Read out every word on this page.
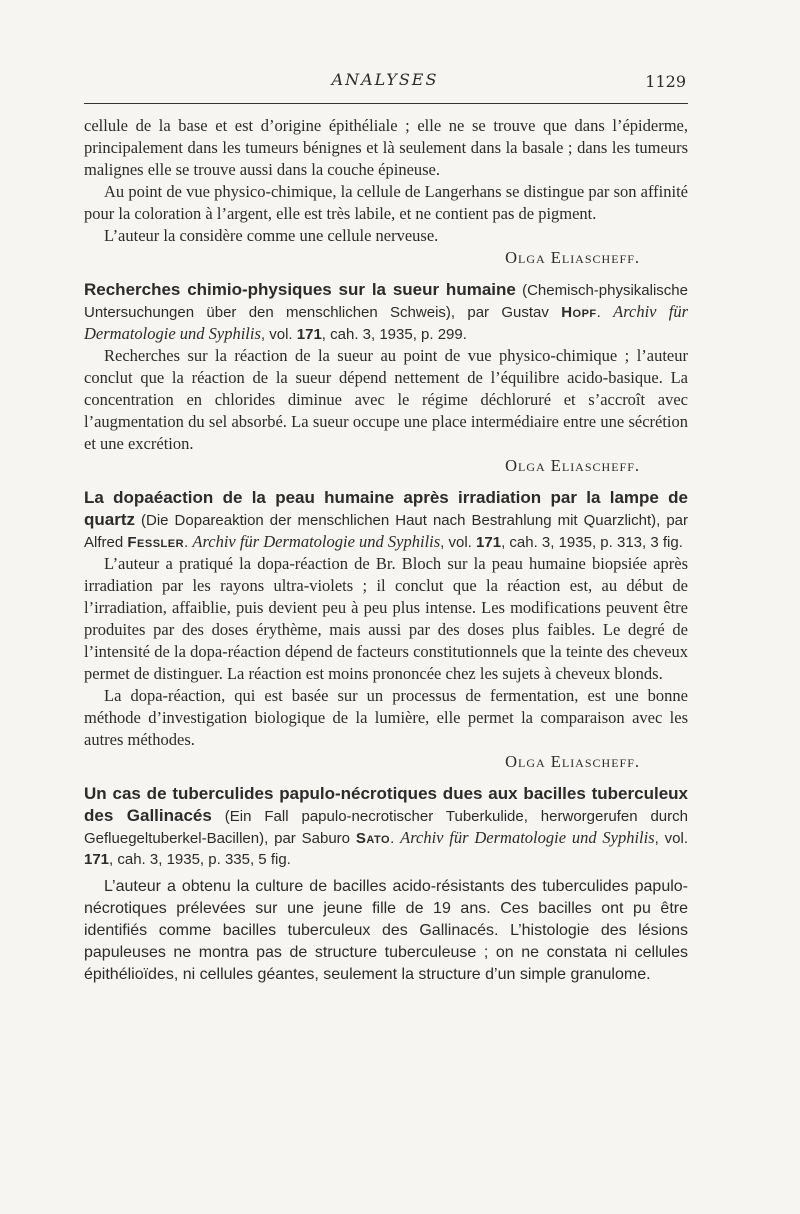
ANALYSES	1129

cellule de la base et est d’origine épithéliale ; elle ne se trouve que dans l’épiderme, principalement dans les tumeurs bénignes et là seulement dans la basale ; dans les tumeurs malignes elle se trouve aussi dans la couche épineuse.

Au point de vue physico-chimique, la cellule de Langerhans se distingue par son affinité pour la coloration à l’argent, elle est très labile, et ne contient pas de pigment.

L’auteur la considère comme une cellule nerveuse.

Olga Eliascheff.

Recherches chimio-physiques sur la sueur humaine (Chemisch-physikalische Untersuchungen über den menschlichen Schweis), par Gustav Hopf. Archiv für Dermatologie und Syphilis, vol. 171, cah. 3, 1935, p. 299.

Recherches sur la réaction de la sueur au point de vue physico-chimique ; l’auteur conclut que la réaction de la sueur dépend nettement de l’équilibre acido-basique. La concentration en chlorides diminue avec le régime déchloruré et s’accroît avec l’augmentation du sel absorbé. La sueur occupe une place intermédiaire entre une sécrétion et une excrétion.

Olga Eliascheff.

La dopaéaction de la peau humaine après irradiation par la lampe de quartz (Die Dopareaktion der menschlichen Haut nach Bestrahlung mit Quarzlicht), par Alfred Fessler. Archiv für Dermatologie und Syphilis, vol. 171, cah. 3, 1935, p. 313, 3 fig.

L’auteur a pratiqué la dopa-réaction de Br. Bloch sur la peau humaine biopsiée après irradiation par les rayons ultra-violets ; il conclut que la réaction est, au début de l’irradiation, affaiblie, puis devient peu à peu plus intense. Les modifications peuvent être produites par des doses érythème, mais aussi par des doses plus faibles. Le degré de l’intensité de la dopa-réaction dépend de facteurs constitutionnels que la teinte des cheveux permet de distinguer. La réaction est moins prononcée chez les sujets à cheveux blonds.

La dopa-réaction, qui est basée sur un processus de fermentation, est une bonne méthode d’investigation biologique de la lumière, elle permet la comparaison avec les autres méthodes.

Olga Eliascheff.

Un cas de tuberculides papulo-nécrotiques dues aux bacilles tuberculeux des Gallinacés (Ein Fall papulo-necrotischer Tuberkulide, herworgerufen durch Gefluegeltuberkel-Bacillen), par Saburo Sato. Archiv für Dermatologie und Syphilis, vol. 171, cah. 3, 1935, p. 335, 5 fig.

L’auteur a obtenu la culture de bacilles acido-résistants des tuberculides papulo-nécrotiques prélevées sur une jeune fille de 19 ans. Ces bacilles ont pu être identifiés comme bacilles tuberculeux des Gallinacés. L’histologie des lésions papuleuses ne montra pas de structure tuberculeuse ; on ne constata ni cellules épithélioïdes, ni cellules géantes, seulement la structure d’un simple granulome.
